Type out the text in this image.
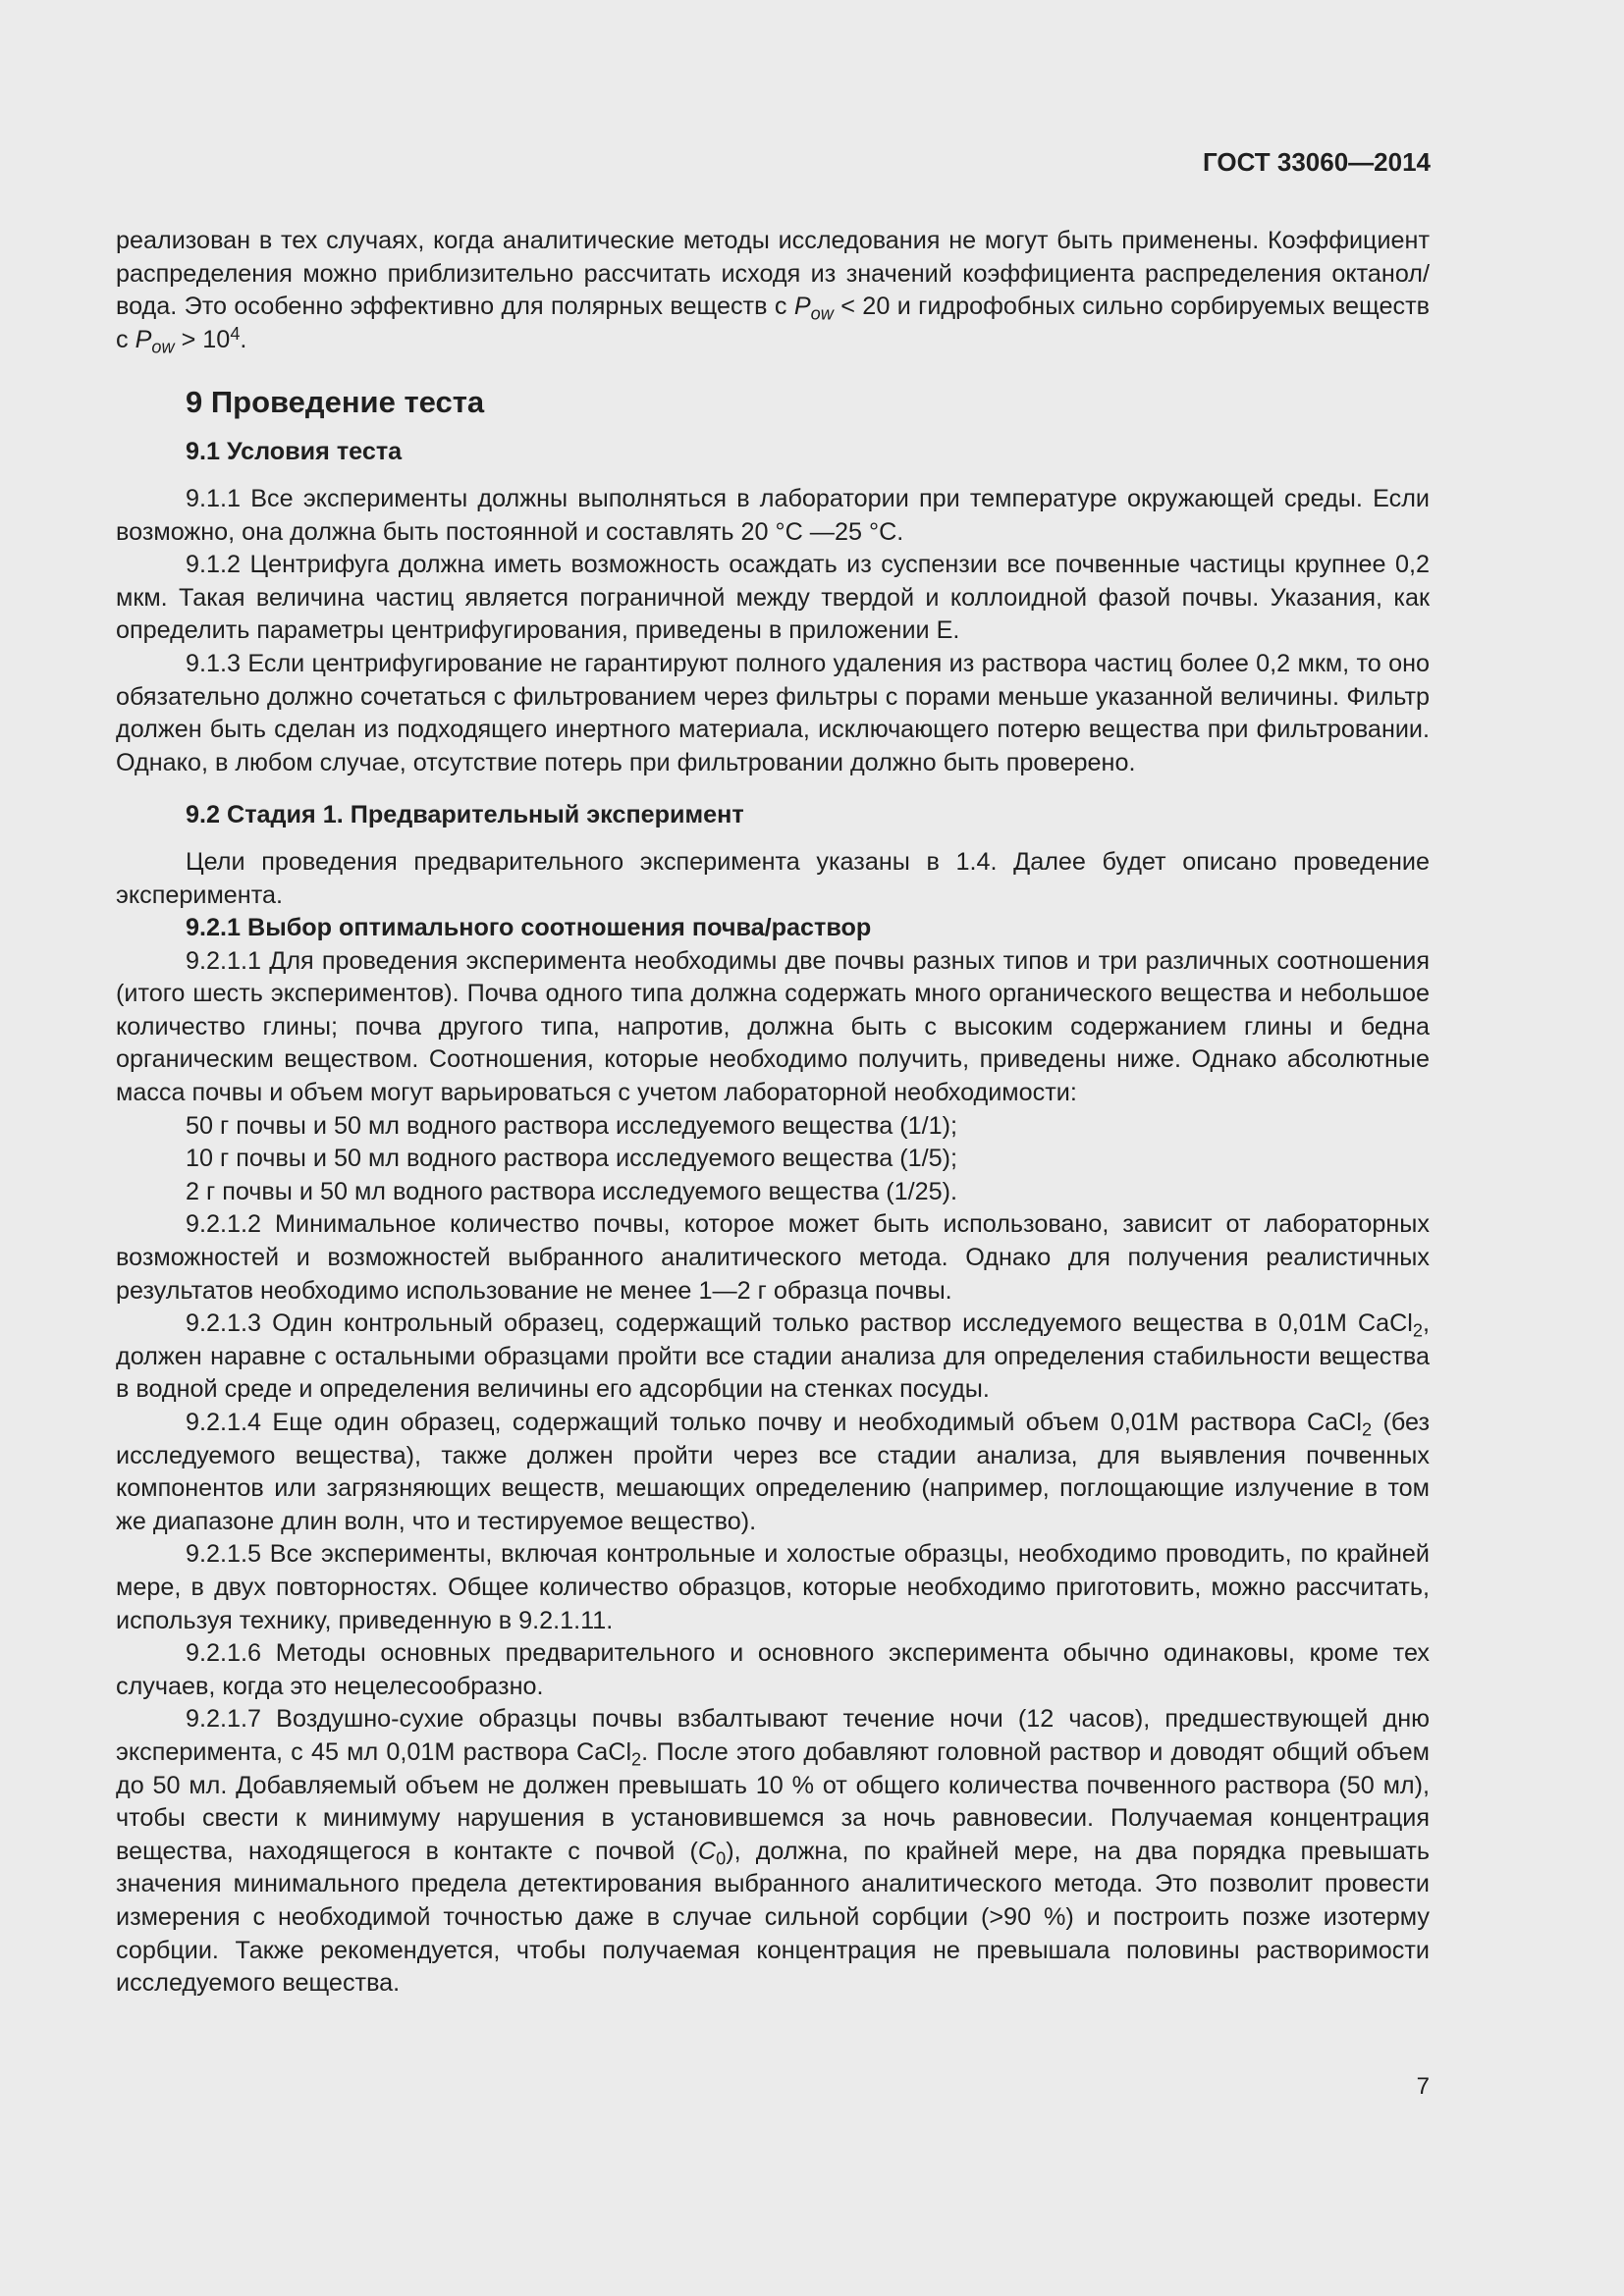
ГОСТ 33060—2014

реализован в тех случаях, когда аналитические методы исследования не могут быть применены. Коэффициент распределения можно приблизительно рассчитать исходя из значений коэффициента распределения октанол/вода. Это особенно эффективно для полярных веществ с $P_{ow} < 20$ и гидрофобных сильно сорбируемых веществ с $P_{ow} > 10^4$.

9 Проведение теста
9.1 Условия теста

9.1.1 Все эксперименты должны выполняться в лаборатории при температуре окружающей среды. Если возможно, она должна быть постоянной и составлять 20 °С —25 °С.

9.1.2 Центрифуга должна иметь возможность осаждать из суспензии все почвенные частицы крупнее 0,2 мкм. Такая величина частиц является пограничной между твердой и коллоидной фазой почвы. Указания, как определить параметры центрифугирования, приведены в приложении Е.

9.1.3 Если центрифугирование не гарантируют полного удаления из раствора частиц более 0,2 мкм, то оно обязательно должно сочетаться с фильтрованием через фильтры с порами меньше указанной величины. Фильтр должен быть сделан из подходящего инертного материала, исключающего потерю вещества при фильтровании. Однако, в любом случае, отсутствие потерь при фильтровании должно быть проверено.

9.2 Стадия 1. Предварительный эксперимент

Цели проведения предварительного эксперимента указаны в 1.4. Далее будет описано проведение эксперимента.

9.2.1 Выбор оптимального соотношения почва/раствор

9.2.1.1 Для проведения эксперимента необходимы две почвы разных типов и три различных соотношения (итого шесть экспериментов). Почва одного типа должна содержать много органического вещества и небольшое количество глины; почва другого типа, напротив, должна быть с высоким содержанием глины и бедна органическим веществом. Соотношения, которые необходимо получить, приведены ниже. Однако абсолютные масса почвы и объем могут варьироваться с учетом лабораторной необходимости:

50 г почвы и 50 мл водного раствора исследуемого вещества (1/1);

10 г почвы и 50 мл водного раствора исследуемого вещества (1/5);

2 г почвы и 50 мл водного раствора исследуемого вещества (1/25).

9.2.1.2 Минимальное количество почвы, которое может быть использовано, зависит от лабораторных возможностей и возможностей выбранного аналитического метода. Однако для получения реалистичных результатов необходимо использование не менее 1—2 г образца почвы.

9.2.1.3 Один контрольный образец, содержащий только раствор исследуемого вещества в 0,01М CaCl$_2$, должен наравне с остальными образцами пройти все стадии анализа для определения стабильности вещества в водной среде и определения величины его адсорбции на стенках посуды.

9.2.1.4 Еще один образец, содержащий только почву и необходимый объем 0,01М раствора CaCl$_2$ (без исследуемого вещества), также должен пройти через все стадии анализа, для выявления почвенных компонентов или загрязняющих веществ, мешающих определению (например, поглощающие излучение в том же диапазоне длин волн, что и тестируемое вещество).

9.2.1.5 Все эксперименты, включая контрольные и холостые образцы, необходимо проводить, по крайней мере, в двух повторностях. Общее количество образцов, которые необходимо приготовить, можно рассчитать, используя технику, приведенную в 9.2.1.11.

9.2.1.6 Методы основных предварительного и основного эксперимента обычно одинаковы, кроме тех случаев, когда это нецелесообразно.

9.2.1.7 Воздушно-сухие образцы почвы взбалтывают течение ночи (12 часов), предшествующей дню эксперимента, с 45 мл 0,01М раствора CaCl$_2$. После этого добавляют головной раствор и доводят общий объем до 50 мл. Добавляемый объем не должен превышать 10 % от общего количества почвенного раствора (50 мл), чтобы свести к минимуму нарушения в установившемся за ночь равновесии. Получаемая концентрация вещества, находящегося в контакте с почвой $(C_0)$, должна, по крайней мере, на два порядка превышать значения минимального предела детектирования выбранного аналитического метода. Это позволит провести измерения с необходимой точностью даже в случае сильной сорбции (>90 %) и построить позже изотерму сорбции. Также рекомендуется, чтобы получаемая концентрация не превышала половины растворимости исследуемого вещества.

7
